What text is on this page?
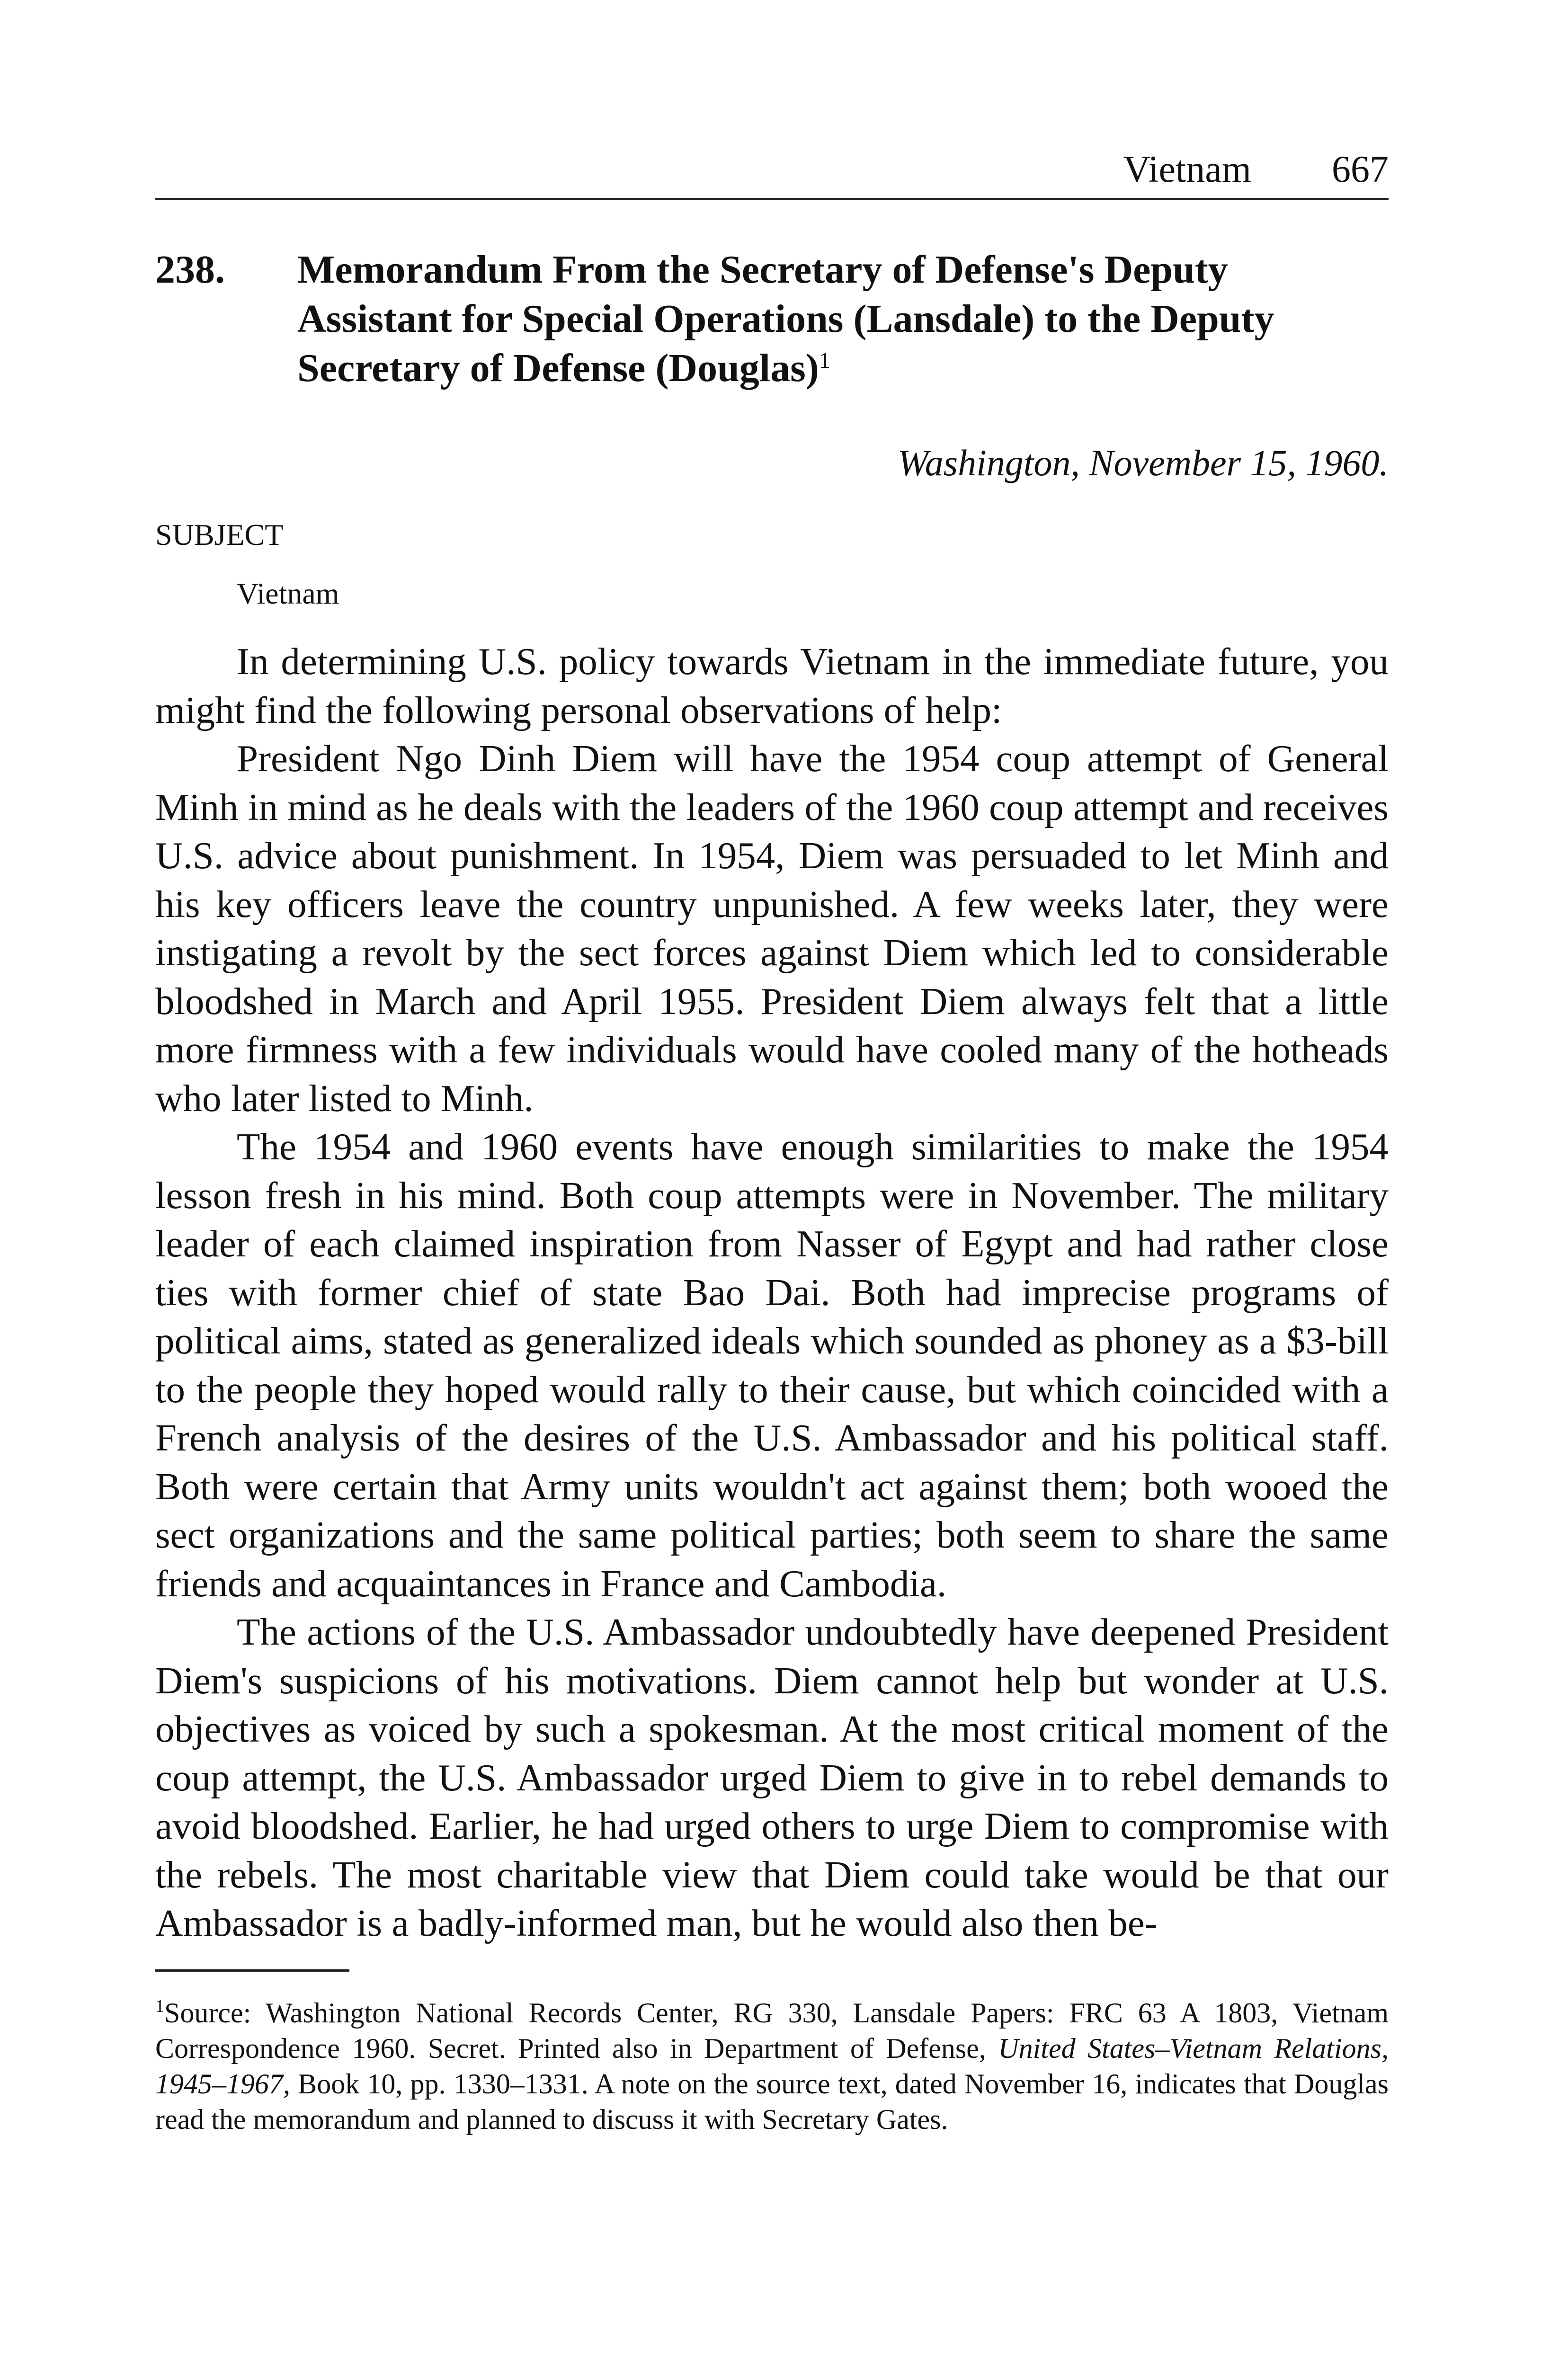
Vietnam 667
238. Memorandum From the Secretary of Defense's Deputy Assistant for Special Operations (Lansdale) to the Deputy Secretary of Defense (Douglas)$^1$
Washington, November 15, 1960.
SUBJECT
Vietnam

In determining U.S. policy towards Vietnam in the immediate future, you might find the following personal observations of help:

President Ngo Dinh Diem will have the 1954 coup attempt of General Minh in mind as he deals with the leaders of the 1960 coup attempt and receives U.S. advice about punishment. In 1954, Diem was persuaded to let Minh and his key officers leave the country unpunished. A few weeks later, they were instigating a revolt by the sect forces against Diem which led to considerable bloodshed in March and April 1955. President Diem always felt that a little more firmness with a few individuals would have cooled many of the hotheads who later listed to Minh.

The 1954 and 1960 events have enough similarities to make the 1954 lesson fresh in his mind. Both coup attempts were in November. The military leader of each claimed inspiration from Nasser of Egypt and had rather close ties with former chief of state Bao Dai. Both had imprecise programs of political aims, stated as generalized ideals which sounded as phoney as a $3-bill to the people they hoped would rally to their cause, but which coincided with a French analysis of the desires of the U.S. Ambassador and his political staff. Both were certain that Army units wouldn't act against them; both wooed the sect organizations and the same political parties; both seem to share the same friends and acquaintances in France and Cambodia.

The actions of the U.S. Ambassador undoubtedly have deepened President Diem's suspicions of his motivations. Diem cannot help but wonder at U.S. objectives as voiced by such a spokesman. At the most critical moment of the coup attempt, the U.S. Ambassador urged Diem to give in to rebel demands to avoid bloodshed. Earlier, he had urged others to urge Diem to compromise with the rebels. The most charitable view that Diem could take would be that our Ambassador is a badly-informed man, but he would also then be-

$^1$Source: Washington National Records Center, RG 330, Lansdale Papers: FRC 63 A 1803, Vietnam Correspondence 1960. Secret. Printed also in Department of Defense, United States–Vietnam Relations, 1945–1967, Book 10, pp. 1330–1331. A note on the source text, dated November 16, indicates that Douglas read the memorandum and planned to discuss it with Secretary Gates.
